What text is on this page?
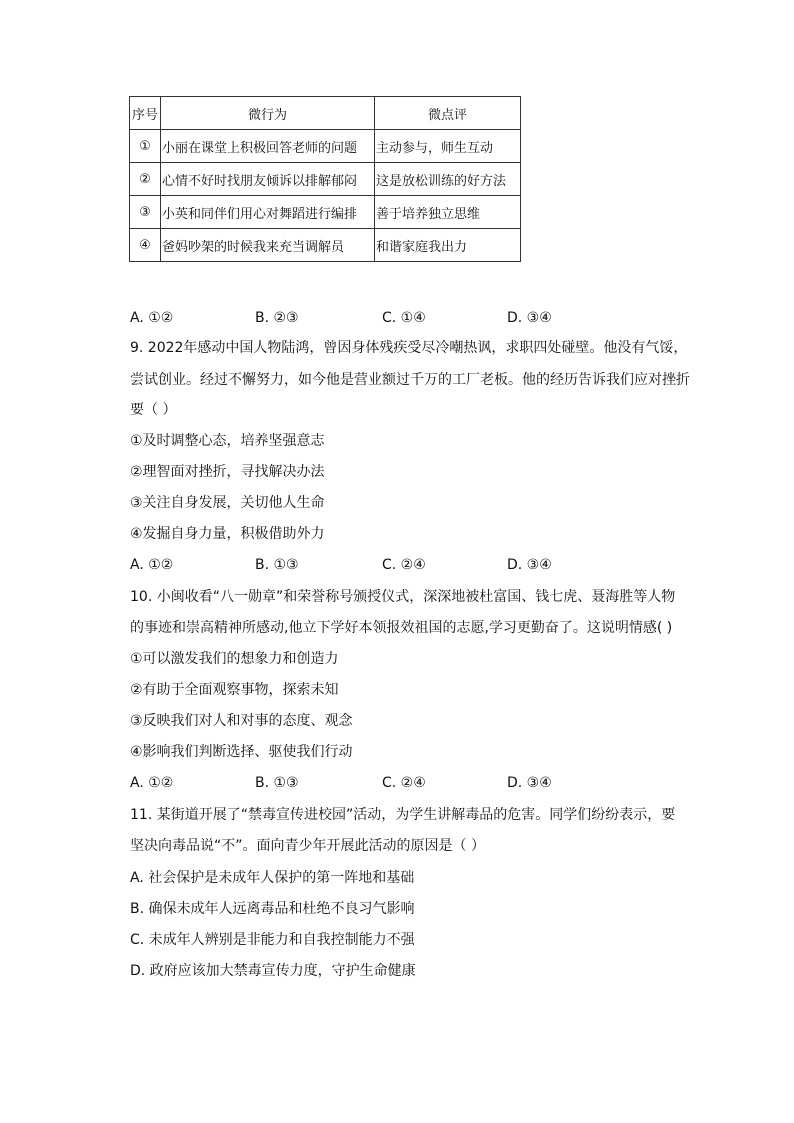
序号	微行为	微点评
①	小丽在课堂上积极回答老师的问题	主动参与，师生互动
②	心情不好时找朋友倾诉以排解郁闷	这是放松训练的好方法
③	小英和同伴们用心对舞蹈进行编排	善于培养独立思维
④	爸妈吵架的时候我来充当调解员	和谐家庭我出力
A. ①②	B. ②③	C. ①④	D. ③④
9. 2022年感动中国人物陆鸿，曾因身体残疾受尽冷嘲热讽，求职四处碰壁。他没有气馁，
尝试创业。经过不懈努力，如今他是营业额过千万的工厂老板。他的经历告诉我们应对挫折
要（ ）
①及时调整心态，培养坚强意志
②理智面对挫折，寻找解决办法
③关注自身发展，关切他人生命
④发掘自身力量，积极借助外力
A. ①②	B. ①③	C. ②④	D. ③④
10. 小闽收看“八一勋章”和荣誉称号颁授仪式，深深地被杜富国、钱七虎、聂海胜等人物
的事迹和崇高精神所感动,他立下学好本领报效祖国的志愿,学习更勤奋了。这说明情感( )
①可以激发我们的想象力和创造力
②有助于全面观察事物，探索未知
③反映我们对人和对事的态度、观念
④影响我们判断选择、驱使我们行动
A. ①②	B. ①③	C. ②④	D. ③④
11. 某街道开展了“禁毒宣传进校园”活动，为学生讲解毒品的危害。同学们纷纷表示，要
坚决向毒品说“不”。面向青少年开展此活动的原因是（ ）
A. 社会保护是未成年人保护的第一阵地和基础
B. 确保未成年人远离毒品和杜绝不良习气影响
C. 未成年人辨别是非能力和自我控制能力不强
D. 政府应该加大禁毒宣传力度，守护生命健康
